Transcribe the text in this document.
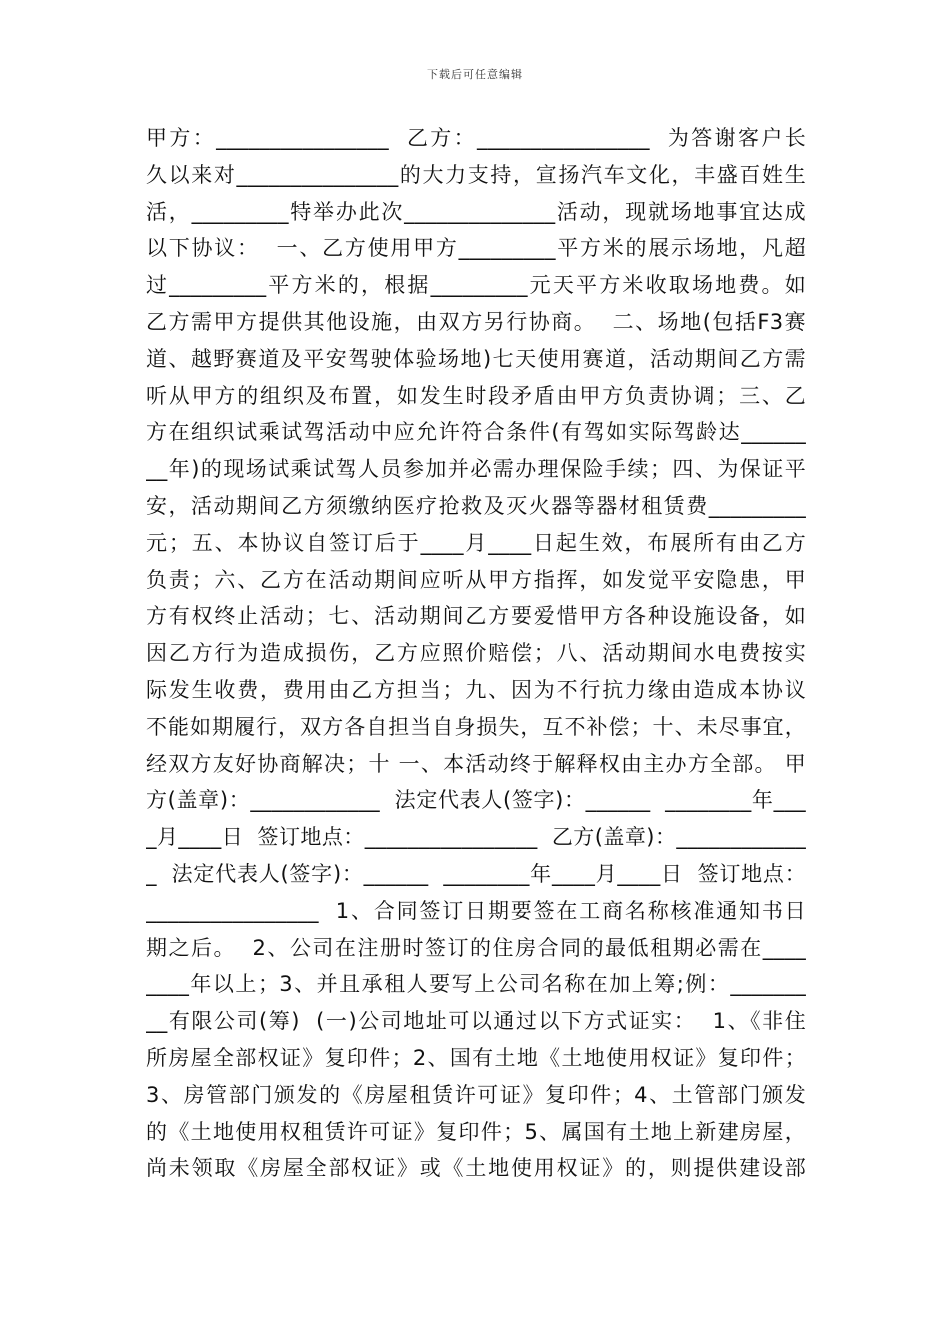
下载后可任意编辑
甲方：________________  乙方：________________  为答谢客户长
久以来对_______________的大力支持，宣扬汽车文化，丰盛百姓生
活，_________特举办此次______________活动，现就场地事宜达成
以下协议：  一、乙方使用甲方_________平方米的展示场地，凡超
过_________平方米的，根据_________元天平方米收取场地费。如
乙方需甲方提供其他设施，由双方另行协商。  二、场地(包括F3赛
道、越野赛道及平安驾驶体验场地)七天使用赛道，活动期间乙方需
听从甲方的组织及布置，如发生时段矛盾由甲方负责协调；三、乙
方在组织试乘试驾活动中应允许符合条件(有驾如实际驾龄达______
__年)的现场试乘试驾人员参加并必需办理保险手续；四、为保证平
安，活动期间乙方须缴纳医疗抢救及灭火器等器材租赁费_________
元；五、本协议自签订后于____月____日起生效，布展所有由乙方
负责；六、乙方在活动期间应听从甲方指挥，如发觉平安隐患，甲
方有权终止活动；七、活动期间乙方要爱惜甲方各种设施设备，如
因乙方行为造成损伤，乙方应照价赔偿；八、活动期间水电费按实
际发生收费，费用由乙方担当；九、因为不行抗力缘由造成本协议
不能如期履行，双方各自担当自身损失，互不补偿；十、未尽事宜，
经双方友好协商解决；十 一、本活动终于解释权由主办方全部。 甲
方(盖章)：____________  法定代表人(签字)：______  ________年___
_月____日  签订地点：________________  乙方(盖章)：____________
_  法定代表人(签字)：______  ________年____月____日  签订地点：
________________  1、合同签订日期要签在工商名称核准通知书日
期之后。  2、公司在注册时签订的住房合同的最低租期必需在____
____年以上；3、并且承租人要写上公司名称在加上筹;例：_______
__有限公司(筹)  (一)公司地址可以通过以下方式证实：  1、《非住
所房屋全部权证》复印件；2、国有土地《土地使用权证》复印件；
3、房管部门颁发的《房屋租赁许可证》复印件；4、土管部门颁发
的《土地使用权租赁许可证》复印件；5、属国有土地上新建房屋，
尚未领取《房屋全部权证》或《土地使用权证》的，则提供建设部
